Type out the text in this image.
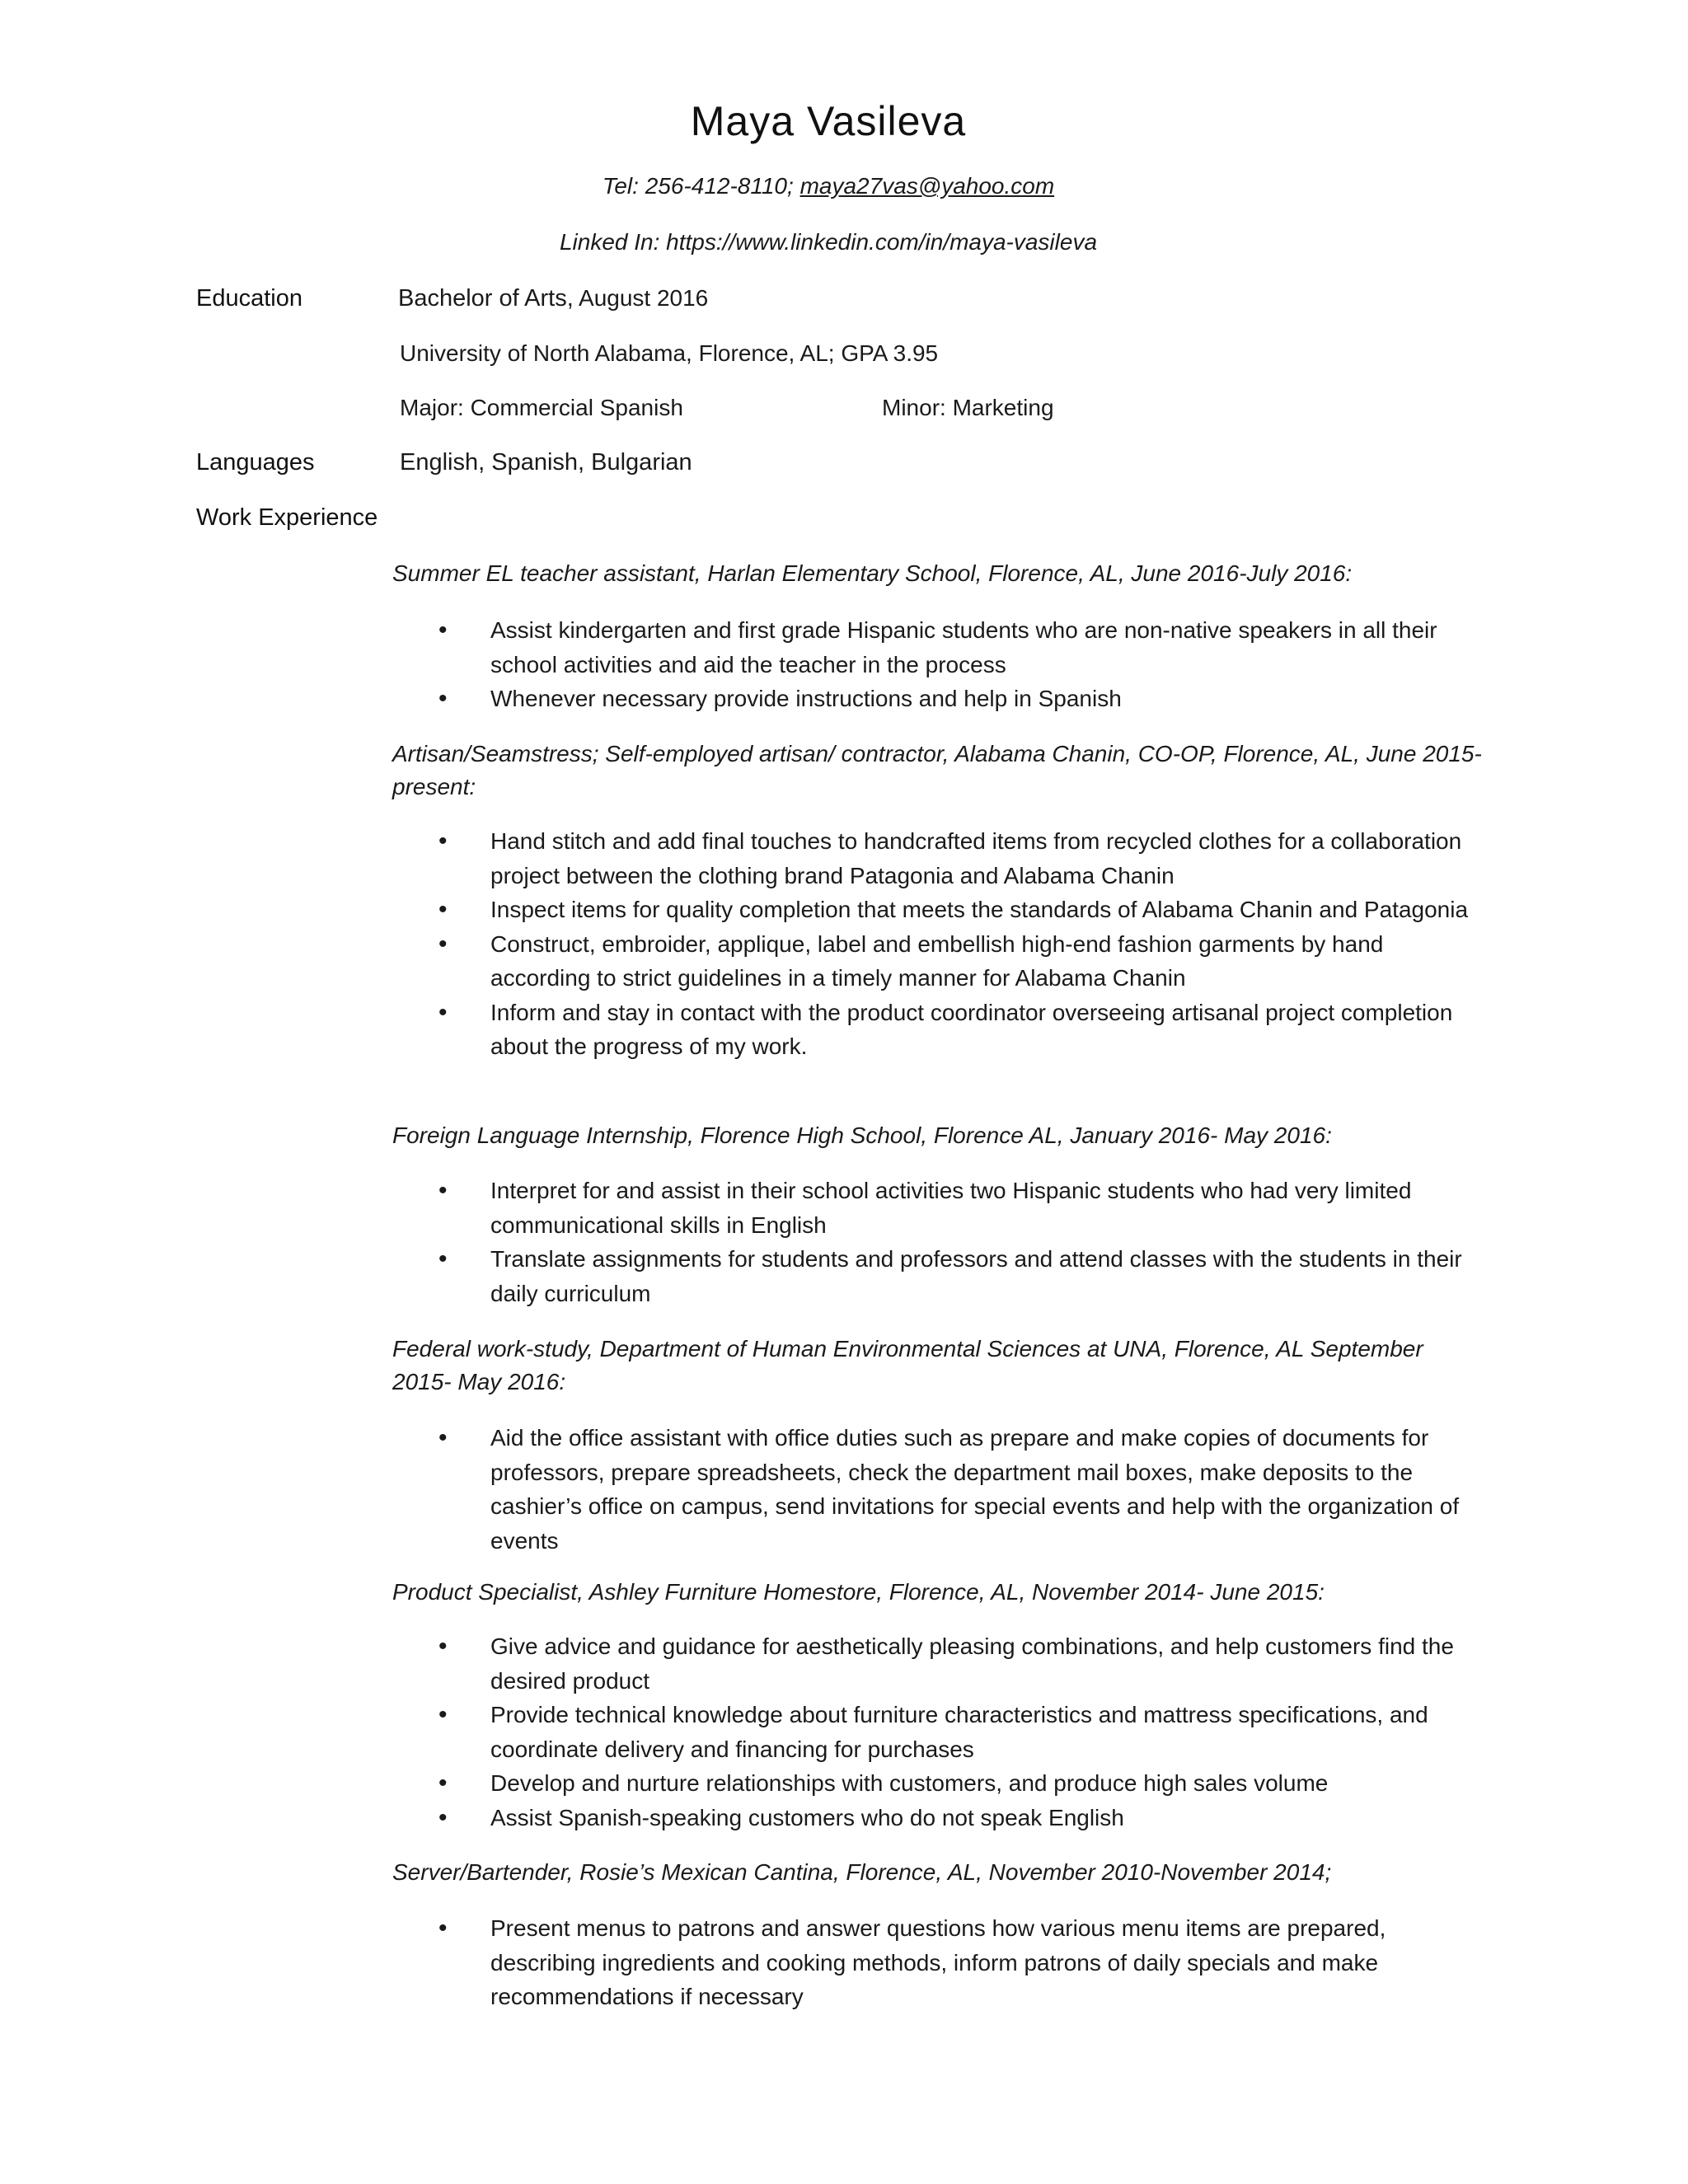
Maya Vasileva
Tel: 256-412-8110; maya27vas@yahoo.com
Linked In: https://www.linkedin.com/in/maya-vasileva
Education	Bachelor of Arts, August 2016
University of North Alabama, Florence, AL; GPA 3.95
Major: Commercial Spanish	Minor: Marketing
Languages	English, Spanish, Bulgarian
Work Experience
Summer EL teacher assistant, Harlan Elementary School, Florence, AL, June 2016-July 2016:
• Assist kindergarten and first grade Hispanic students who are non-native speakers in all their school activities and aid the teacher in the process
• Whenever necessary provide instructions and help in Spanish
Artisan/Seamstress; Self-employed artisan/ contractor, Alabama Chanin, CO-OP, Florence, AL, June 2015-present:
• Hand stitch and add final touches to handcrafted items from recycled clothes for a collaboration project between the clothing brand Patagonia and Alabama Chanin
• Inspect items for quality completion that meets the standards of Alabama Chanin and Patagonia
• Construct, embroider, applique, label and embellish high-end fashion garments by hand according to strict guidelines in a timely manner for Alabama Chanin
• Inform and stay in contact with the product coordinator overseeing artisanal project completion about the progress of my work.
Foreign Language Internship, Florence High School, Florence AL, January 2016- May 2016:
• Interpret for and assist in their school activities two Hispanic students who had very limited communicational skills in English
• Translate assignments for students and professors and attend classes with the students in their daily curriculum
Federal work-study, Department of Human Environmental Sciences at UNA, Florence, AL September 2015- May 2016:
• Aid the office assistant with office duties such as prepare and make copies of documents for professors, prepare spreadsheets, check the department mail boxes, make deposits to the cashier’s office on campus, send invitations for special events and help with the organization of events
Product Specialist, Ashley Furniture Homestore, Florence, AL, November 2014- June 2015:
• Give advice and guidance for aesthetically pleasing combinations, and help customers find the desired product
• Provide technical knowledge about furniture characteristics and mattress specifications, and coordinate delivery and financing for purchases
• Develop and nurture relationships with customers, and produce high sales volume
• Assist Spanish-speaking customers who do not speak English
Server/Bartender, Rosie’s Mexican Cantina, Florence, AL, November 2010-November 2014;
• Present menus to patrons and answer questions how various menu items are prepared, describing ingredients and cooking methods, inform patrons of daily specials and make recommendations if necessary
